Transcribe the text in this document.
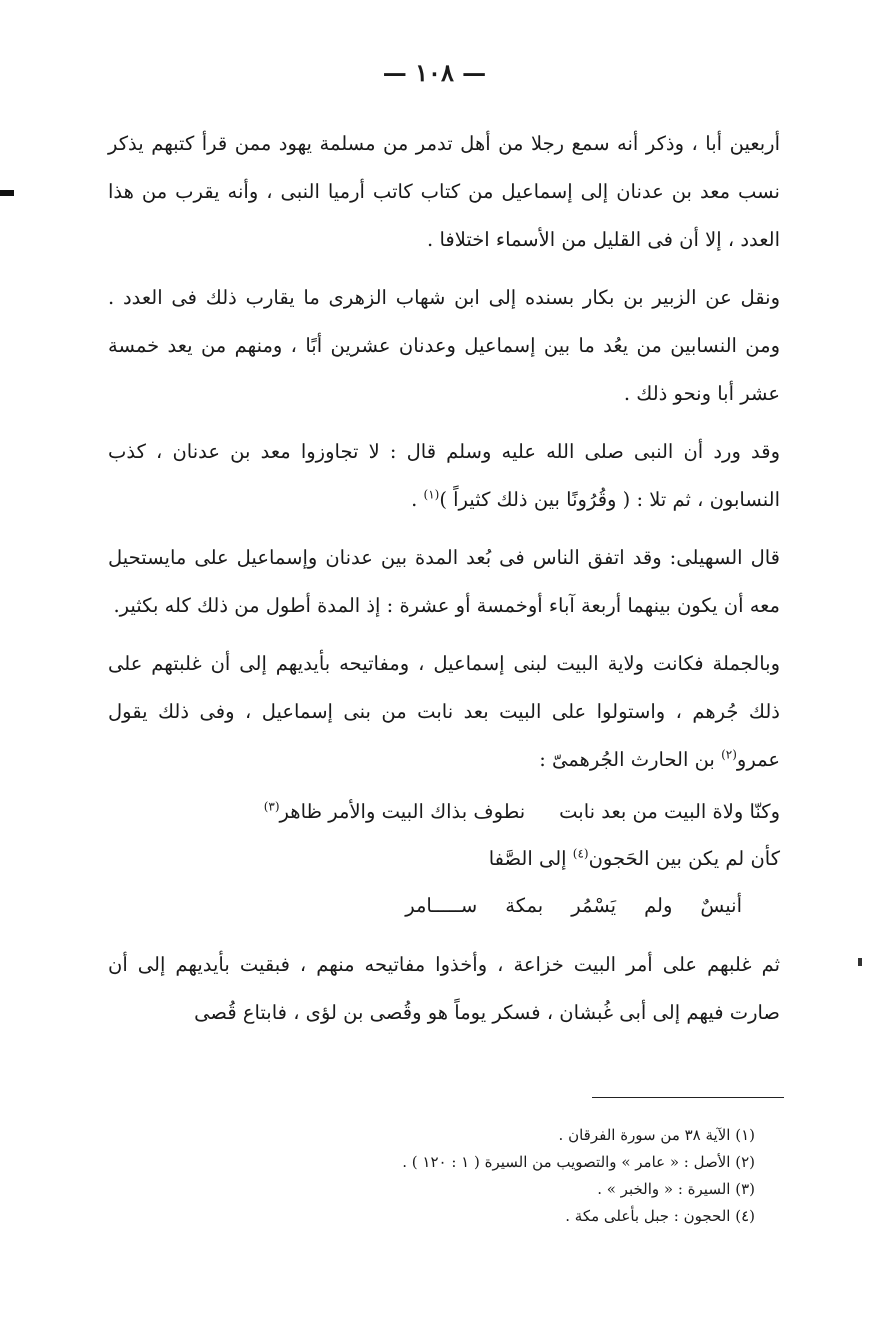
— ١٠٨ —

أربعين أبا ، وذكر أنه سمع رجلا من أهل تدمر من مسلمة يهود ممن قرأ كتبهم يذكر نسب معد بن عدنان إلى إسماعيل من كتاب كاتب أرميا النبى ، وأنه يقرب من هذا العدد ، إلا أن فى القليل من الأسماء اختلافا .

ونقل عن الزبير بن بكار بسنده إلى ابن شهاب الزهرى ما يقارب ذلك فى العدد . ومن النسابين من يعُد ما بين إسماعيل وعدنان عشرين أبًا ، ومنهم من يعد خمسة عشر أبا ونحو ذلك .

وقد ورد أن النبى صلى الله عليه وسلم قال : لا تجاوزوا معد بن عدنان ، كذب النسابون ، ثم تلا : ( وقُرُونًا بين ذلك كثيراً )$^{(١)}$ .

قال السهيلى: وقد اتفق الناس فى بُعد المدة بين عدنان وإسماعيل على مايستحيل معه أن يكون بينهما أربعة آباء أوخمسة أو عشرة : إذ المدة أطول من ذلك كله بكثير.

وبالجملة فكانت ولاية البيت لبنى إسماعيل ، ومفاتيحه بأيديهم إلى أن غلبتهم على ذلك جُرهم ، واستولوا على البيت بعد نابت من بنى إسماعيل ، وفى ذلك يقول عمرو$^{(٢)}$ بن الحارث الجُرهمىّ :

وكنّا ولاة البيت من بعد نابت
نطوف بذاك البيت والأمر ظاهر$^{(٣)}$
كأن لم يكن بين الحَجون$^{(٤)}$ إلى الصَّفا
أنيسٌ
ولم
يَسْمُر
بمكة
ســـــامر

ثم غلبهم على أمر البيت خزاعة ، وأخذوا مفاتيحه منهم ، فبقيت بأيديهم إلى أن صارت فيهم إلى أبى غُبشان ، فسكر يوماً هو وقُصى بن لؤى ، فابتاع قُصى

(١) الآية ٣٨ من سورة الفرقان .

(٢) الأصل : « عامر » والتصويب من السيرة ( ١ : ١٢٠ ) .

(٣) السيرة : « والخبر » .

(٤) الحجون : جبل بأعلى مكة .
